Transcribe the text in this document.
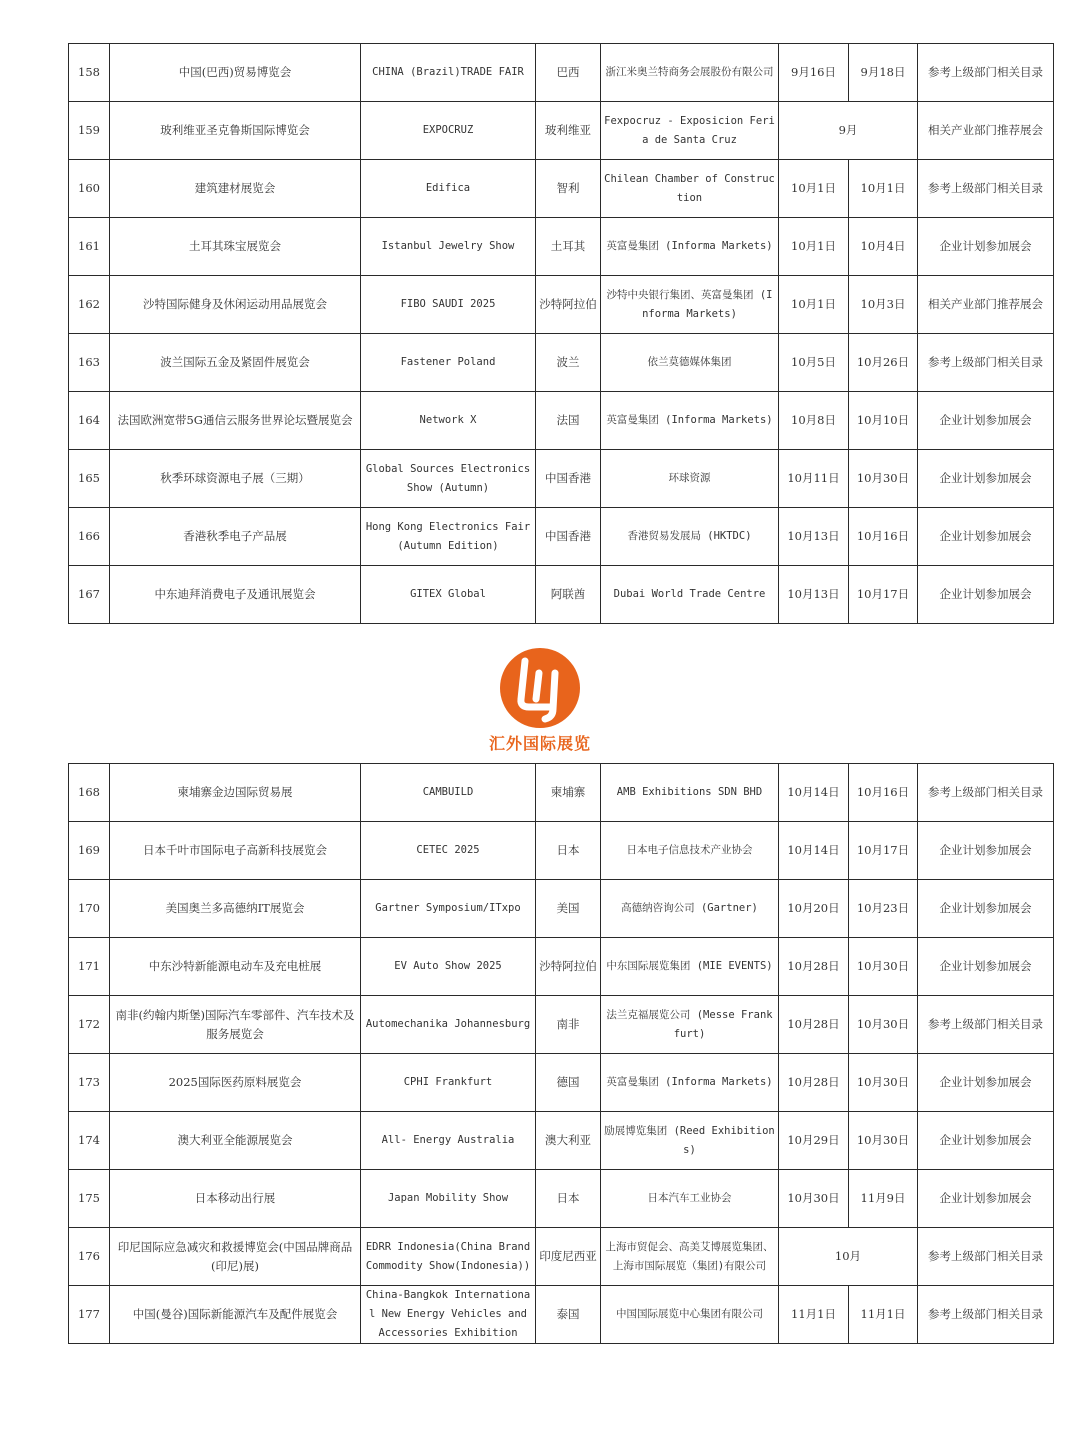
158	中国(巴西)贸易博览会	CHINA (Brazil)TRADE FAIR	巴西	浙江米奥兰特商务会展股份有限公司	9月16日	9月18日	参考上级部门相关目录
159	玻利维亚圣克鲁斯国际博览会	EXPOCRUZ	玻利维亚	Fexpocruz - Exposicion Feria de Santa Cruz	9月		相关产业部门推荐展会
160	建筑建材展览会	Edifica	智利	Chilean Chamber of Construction	10月1日	10月1日	参考上级部门相关目录
161	土耳其珠宝展览会	Istanbul Jewelry Show	土耳其	英富曼集团 (Informa Markets)	10月1日	10月4日	企业计划参加展会
162	沙特国际健身及休闲运动用品展览会	FIBO SAUDI 2025	沙特阿拉伯	沙特中央银行集团、英富曼集团 (Informa Markets)	10月1日	10月3日	相关产业部门推荐展会
163	波兰国际五金及紧固件展览会	Fastener Poland	波兰	依兰莫德媒体集团	10月5日	10月26日	参考上级部门相关目录
164	法国欧洲宽带5G通信云服务世界论坛暨展览会	Network X	法国	英富曼集团 (Informa Markets)	10月8日	10月10日	企业计划参加展会
165	秋季环球资源电子展（三期）	Global Sources Electronics Show (Autumn)	中国香港	环球资源	10月11日	10月30日	企业计划参加展会
166	香港秋季电子产品展	Hong Kong Electronics Fair (Autumn Edition)	中国香港	香港贸易发展局 (HKTDC)	10月13日	10月16日	企业计划参加展会
167	中东迪拜消费电子及通讯展览会	GITEX Global	阿联酋	Dubai World Trade Centre	10月13日	10月17日	企业计划参加展会
汇外国际展览
168	柬埔寨金边国际贸易展	CAMBUILD	柬埔寨	AMB Exhibitions SDN BHD	10月14日	10月16日	参考上级部门相关目录
169	日本千叶市国际电子高新科技展览会	CETEC 2025	日本	日本电子信息技术产业协会	10月14日	10月17日	企业计划参加展会
170	美国奥兰多高德纳IT展览会	Gartner Symposium/ITxpo	美国	高德纳咨询公司 (Gartner)	10月20日	10月23日	企业计划参加展会
171	中东沙特新能源电动车及充电桩展	EV Auto Show 2025	沙特阿拉伯	中东国际展览集团 (MIE EVENTS)	10月28日	10月30日	企业计划参加展会
172	南非(约翰内斯堡)国际汽车零部件、汽车技术及服务展览会	Automechanika Johannesburg	南非	法兰克福展览公司 (Messe Frankfurt)	10月28日	10月30日	参考上级部门相关目录
173	2025国际医药原料展览会	CPHI Frankfurt	德国	英富曼集团 (Informa Markets)	10月28日	10月30日	企业计划参加展会
174	澳大利亚全能源展览会	All- Energy Australia	澳大利亚	励展博览集团 (Reed Exhibitions)	10月29日	10月30日	企业计划参加展会
175	日本移动出行展	Japan Mobility Show	日本	日本汽车工业协会	10月30日	11月9日	企业计划参加展会
176	印尼国际应急减灾和救援博览会(中国品牌商品(印尼)展)	EDRR Indonesia(China BrandCommodity Show(Indonesia))	印度尼西亚	上海市贸促会、高美艾博展览集团、上海市国际展览（集团)有限公司	10月		参考上级部门相关目录
177	中国(曼谷)国际新能源汽车及配件展览会	China-Bangkok International New Energy Vehicles and Accessories Exhibition	泰国	中国国际展览中心集团有限公司	11月1日	11月1日	参考上级部门相关目录
